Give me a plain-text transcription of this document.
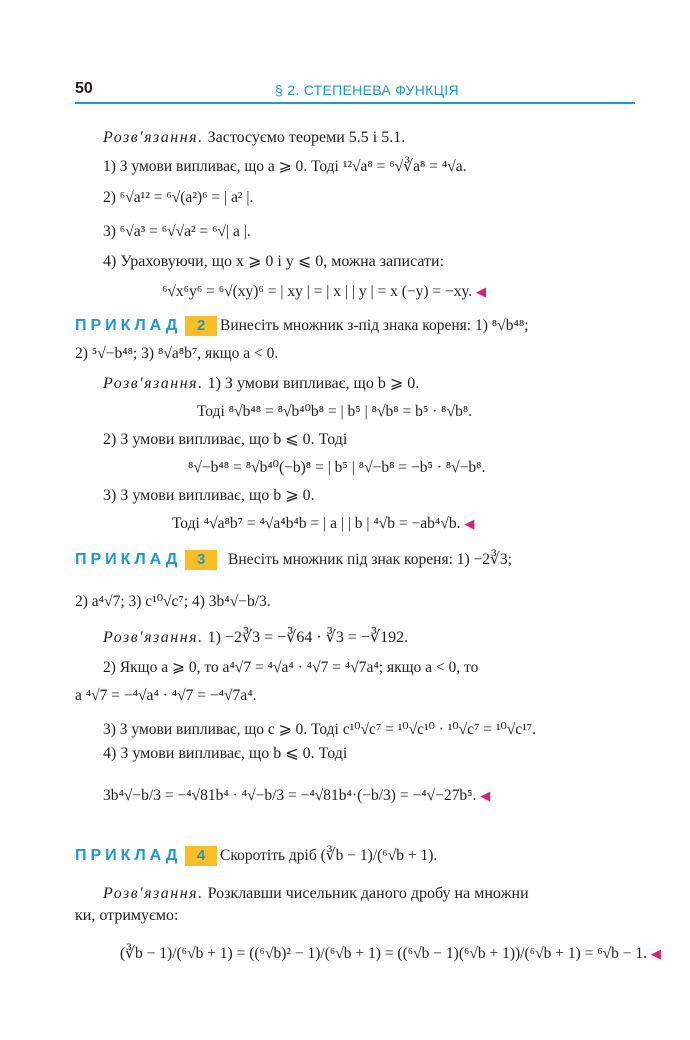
50	§ 2. СТЕПЕНЕВА ФУНКЦІЯ
Розв'язання. Застосуємо теореми 5.5 і 5.1.
1) З умови випливає, що a ⩾ 0. Тоді ¹²√a⁸ = ⁶√∛a⁸ = ⁴√a.
2) ⁶√a¹² = ⁶√(a²)⁶ = | a² |.
3) ⁶√a³ = ⁶√√a² = ⁶√| a |.
4) Ураховуючи, що x ⩾ 0 і y ⩽ 0, можна записати:
⁶√x⁶y⁶ = ⁶√(xy)⁶ = | xy | = | x | | y | = x (−y) = −xy. ◀
ПРИКЛАД 2 Винесіть множник з-під знака кореня: 1) ⁸√b⁴⁸;
2) ⁵√−b⁴⁸; 3) ⁸√a⁸b⁷, якщо a < 0.
Розв'язання. 1) З умови випливає, що b ⩾ 0.
Тоді ⁸√b⁴⁸ = ⁸√b⁴⁰b⁸ = | b⁵ | ⁸√b⁸ = b⁵ · ⁸√b⁸.
2) З умови випливає, що b ⩽ 0. Тоді
⁸√−b⁴⁸ = ⁸√b⁴⁰(−b)⁸ = | b⁵ | ⁸√−b⁸ = −b⁵ · ⁸√−b⁸.
3) З умови випливає, що b ⩾ 0.
Тоді ⁴√a⁸b⁷ = ⁴√a⁴b⁴b = | a | | b | ⁴√b = −ab⁴√b. ◀
ПРИКЛАД 3	Внесіть множник під знак кореня: 1) −2∛3;
2) a⁴√7; 3) c¹⁰√c⁷; 4) 3b⁴√−b/3.
Розв'язання. 1) −2∛3 = −∛64 · ∛3 = −∛192.
2) Якщо a ⩾ 0, то a⁴√7 = ⁴√a⁴ · ⁴√7 = ⁴√7a⁴; якщо a < 0, то
a ⁴√7 = −⁴√a⁴ · ⁴√7 = −⁴√7a⁴.
3) З умови випливає, що c ⩾ 0. Тоді c¹⁰√c⁷ = ¹⁰√c¹⁰ · ¹⁰√c⁷ = ¹⁰√c¹⁷.
4) З умови випливає, що b ⩽ 0. Тоді
3b⁴√−b/3 = −⁴√81b⁴ · ⁴√−b/3 = −⁴√81b⁴·(−b/3) = −⁴√−27b⁵. ◀
ПРИКЛАД 4 Скоротіть дріб (∛b − 1)/(⁶√b + 1).
Розв'язання. Розклавши чисельник даного дробу на множни
ки, отримуємо:
(∛b − 1)/(⁶√b + 1) = ((⁶√b)² − 1)/(⁶√b + 1) = ((⁶√b − 1)(⁶√b + 1))/(⁶√b + 1) = ⁶√b − 1. ◀
